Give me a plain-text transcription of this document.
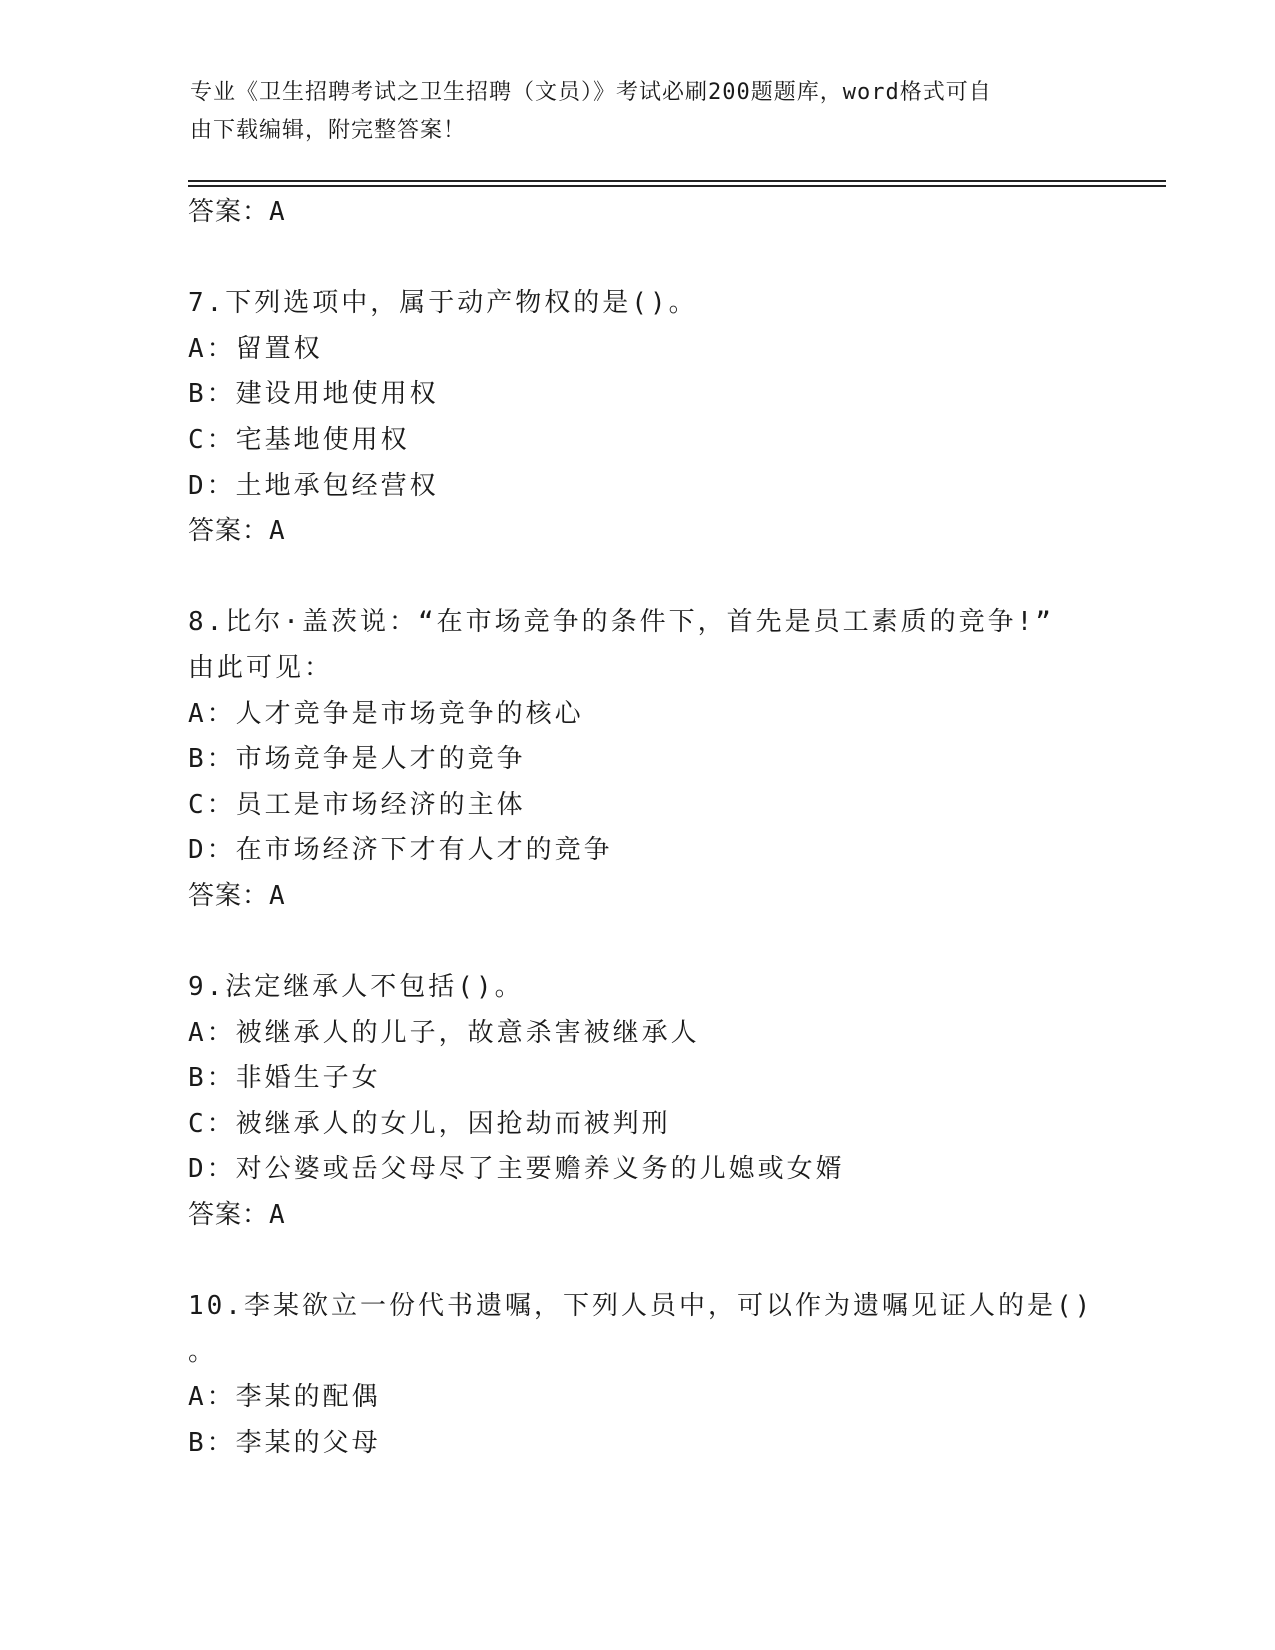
专业《卫生招聘考试之卫生招聘（文员）》考试必刷200题题库，word格式可自
由下载编辑，附完整答案！
答案：A
7.下列选项中，属于动产物权的是()。
A：留置权
B：建设用地使用权
C：宅基地使用权
D：土地承包经营权
答案：A
8.比尔·盖茨说：“在市场竞争的条件下，首先是员工素质的竞争!”
由此可见：
A：人才竞争是市场竞争的核心
B：市场竞争是人才的竞争
C：员工是市场经济的主体
D：在市场经济下才有人才的竞争
答案：A
9.法定继承人不包括()。
A：被继承人的儿子，故意杀害被继承人
B：非婚生子女
C：被继承人的女儿，因抢劫而被判刑
D：对公婆或岳父母尽了主要赡养义务的儿媳或女婿
答案：A
10.李某欲立一份代书遗嘱，下列人员中，可以作为遗嘱见证人的是()
。
A：李某的配偶
B：李某的父母
